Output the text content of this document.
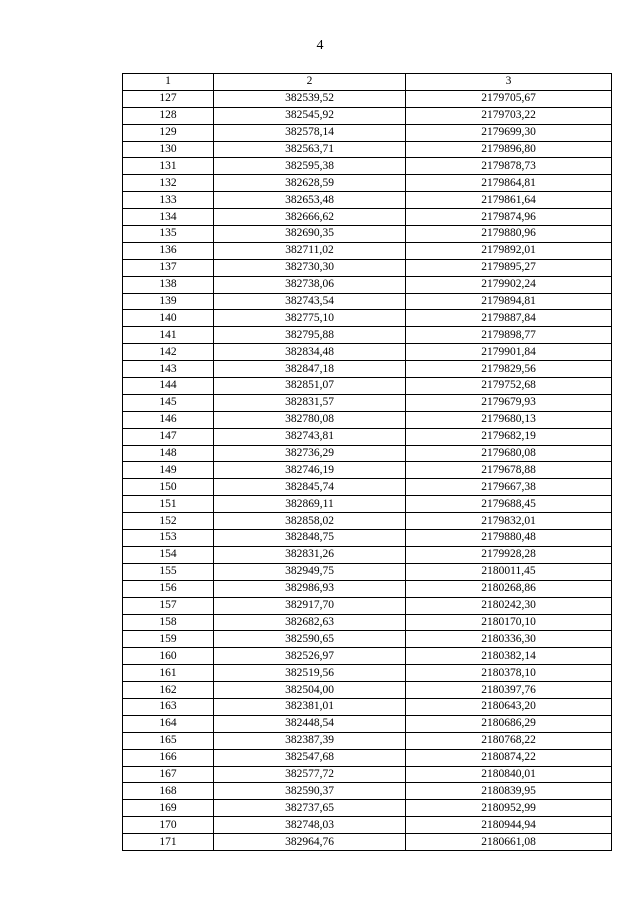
4
1	2	3
127	382539,52	2179705,67
128	382545,92	2179703,22
129	382578,14	2179699,30
130	382563,71	2179896,80
131	382595,38	2179878,73
132	382628,59	2179864,81
133	382653,48	2179861,64
134	382666,62	2179874,96
135	382690,35	2179880,96
136	382711,02	2179892,01
137	382730,30	2179895,27
138	382738,06	2179902,24
139	382743,54	2179894,81
140	382775,10	2179887,84
141	382795,88	2179898,77
142	382834,48	2179901,84
143	382847,18	2179829,56
144	382851,07	2179752,68
145	382831,57	2179679,93
146	382780,08	2179680,13
147	382743,81	2179682,19
148	382736,29	2179680,08
149	382746,19	2179678,88
150	382845,74	2179667,38
151	382869,11	2179688,45
152	382858,02	2179832,01
153	382848,75	2179880,48
154	382831,26	2179928,28
155	382949,75	2180011,45
156	382986,93	2180268,86
157	382917,70	2180242,30
158	382682,63	2180170,10
159	382590,65	2180336,30
160	382526,97	2180382,14
161	382519,56	2180378,10
162	382504,00	2180397,76
163	382381,01	2180643,20
164	382448,54	2180686,29
165	382387,39	2180768,22
166	382547,68	2180874,22
167	382577,72	2180840,01
168	382590,37	2180839,95
169	382737,65	2180952,99
170	382748,03	2180944,94
171	382964,76	2180661,08
